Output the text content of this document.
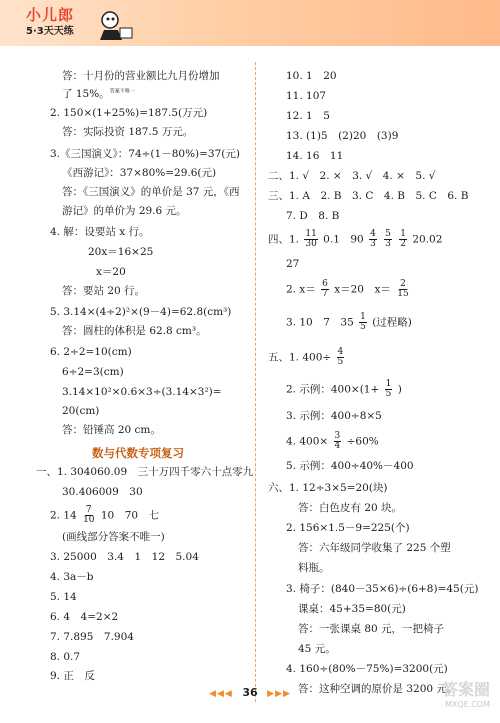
小儿郎
5·3天天练
答：十月份的营业额比九月份增加
了 15%。$^{答案不唯一}$
2. 150×(1+25%)=187.5(万元)
答：实际投资 187.5 万元。
3.《三国演义》：74÷(1－80%)=37(元)
《西游记》：37×80%=29.6(元)
答：《三国演义》的单价是 37 元，《西
游记》的单价为 29.6 元。
4. 解：设要站 x 行。
20x＝16×25
x＝20
答：要站 20 行。
5. 3.14×(4÷2)²×(9－4)=62.8(cm³)
答：圆柱的体积是 62.8 cm³。
6. 2÷2=10(cm)
6÷2=3(cm)
3.14×10²×0.6×3÷(3.14×3²)=
20(cm)
答：铅锤高 20 cm。
数与代数专项复习
一、1. 304060.09　三十万四千零六十点零九
30.406009　30
2. $14 \frac{7}{10} 10$　70　七
(画线部分答案不唯一)
3. 25000　3.4　1　12　5.04
4. 3a－b
5. 14
6. 4　4=2×2
7. 7.895　7.904
8. 0.7
9. 正　反
10. 1　20
11. 107
12. 1　5
13. (1)5　(2)20　(3)9
14. 16　11
二、1. √　2. ×　3. √　4. ×　5. √
三、1. A　2. B　3. C　4. B　5. C　6. B
7. D　8. B
四、1. $\frac{11}{30} 0.1$　$90 \frac{4}{3}$
$\frac{5}{3}$
$\frac{1}{2} 20.02$
27
2. $x= \frac{6}{7} x=20$　$x= \frac{2}{15}$
3. 10　7　$35 \frac{1}{5}$ (过程略)
五、1. $400\div \frac{4}{5}$
2. 示例：$400\times(1+ \frac{1}{5}$ )
3. 示例：400÷8×5
4. $400\times \frac{3}{4} \div 60\%$
5. 示例：400÷40%－400
六、1. 12÷3×5=20(块)
答：白色皮有 20 块。
2. 156×1.5－9=225(个)
答：六年级同学收集了 225 个塑
料瓶。
3. 椅子：(840－35×6)÷(6+8)=45(元)
课桌：45+35=80(元)
答：一张课桌 80 元，一把椅子
45 元。
4. 160÷(80%－75%)=3200(元)
答：这种空调的原价是 3200 元。
◀◀◀ 36 ▶▶▶	答案圈
MXQE.COM
